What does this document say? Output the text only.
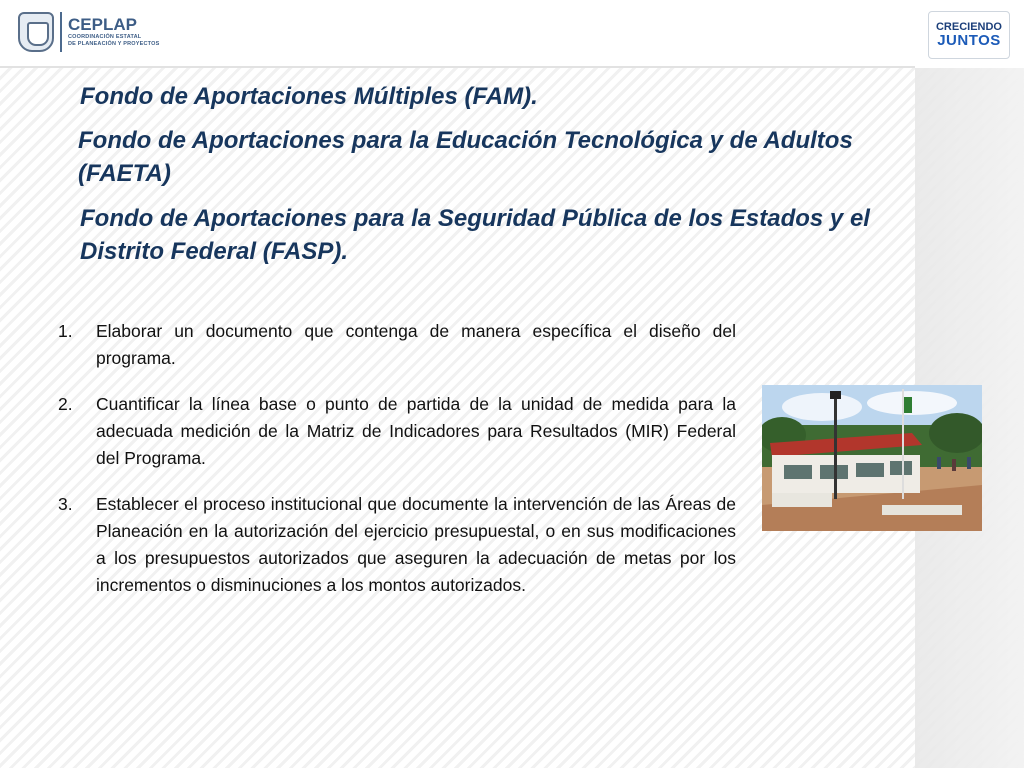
CEPLAP
COORDINACIÓN ESTATAL
DE PLANEACIÓN Y PROYECTOS
CRECIENDO
JUNTOS
Fondo de Aportaciones Múltiples (FAM).
Fondo de Aportaciones para la Educación Tecnológica y de Adultos (FAETA)
Fondo de Aportaciones para la Seguridad Pública de los Estados y el Distrito Federal (FASP).
1. Elaborar un documento que contenga de manera específica el diseño del programa.
2. Cuantificar la línea base o punto de partida de la unidad de medida para la adecuada medición de la Matriz de Indicadores para Resultados (MIR) Federal del Programa.
3. Establecer el proceso institucional que documente la intervención de las Áreas de Planeación en la autorización del ejercicio presupuestal, o en sus modificaciones a los presupuestos autorizados que aseguren la adecuación de metas por los incrementos o disminuciones a los montos autorizados.
